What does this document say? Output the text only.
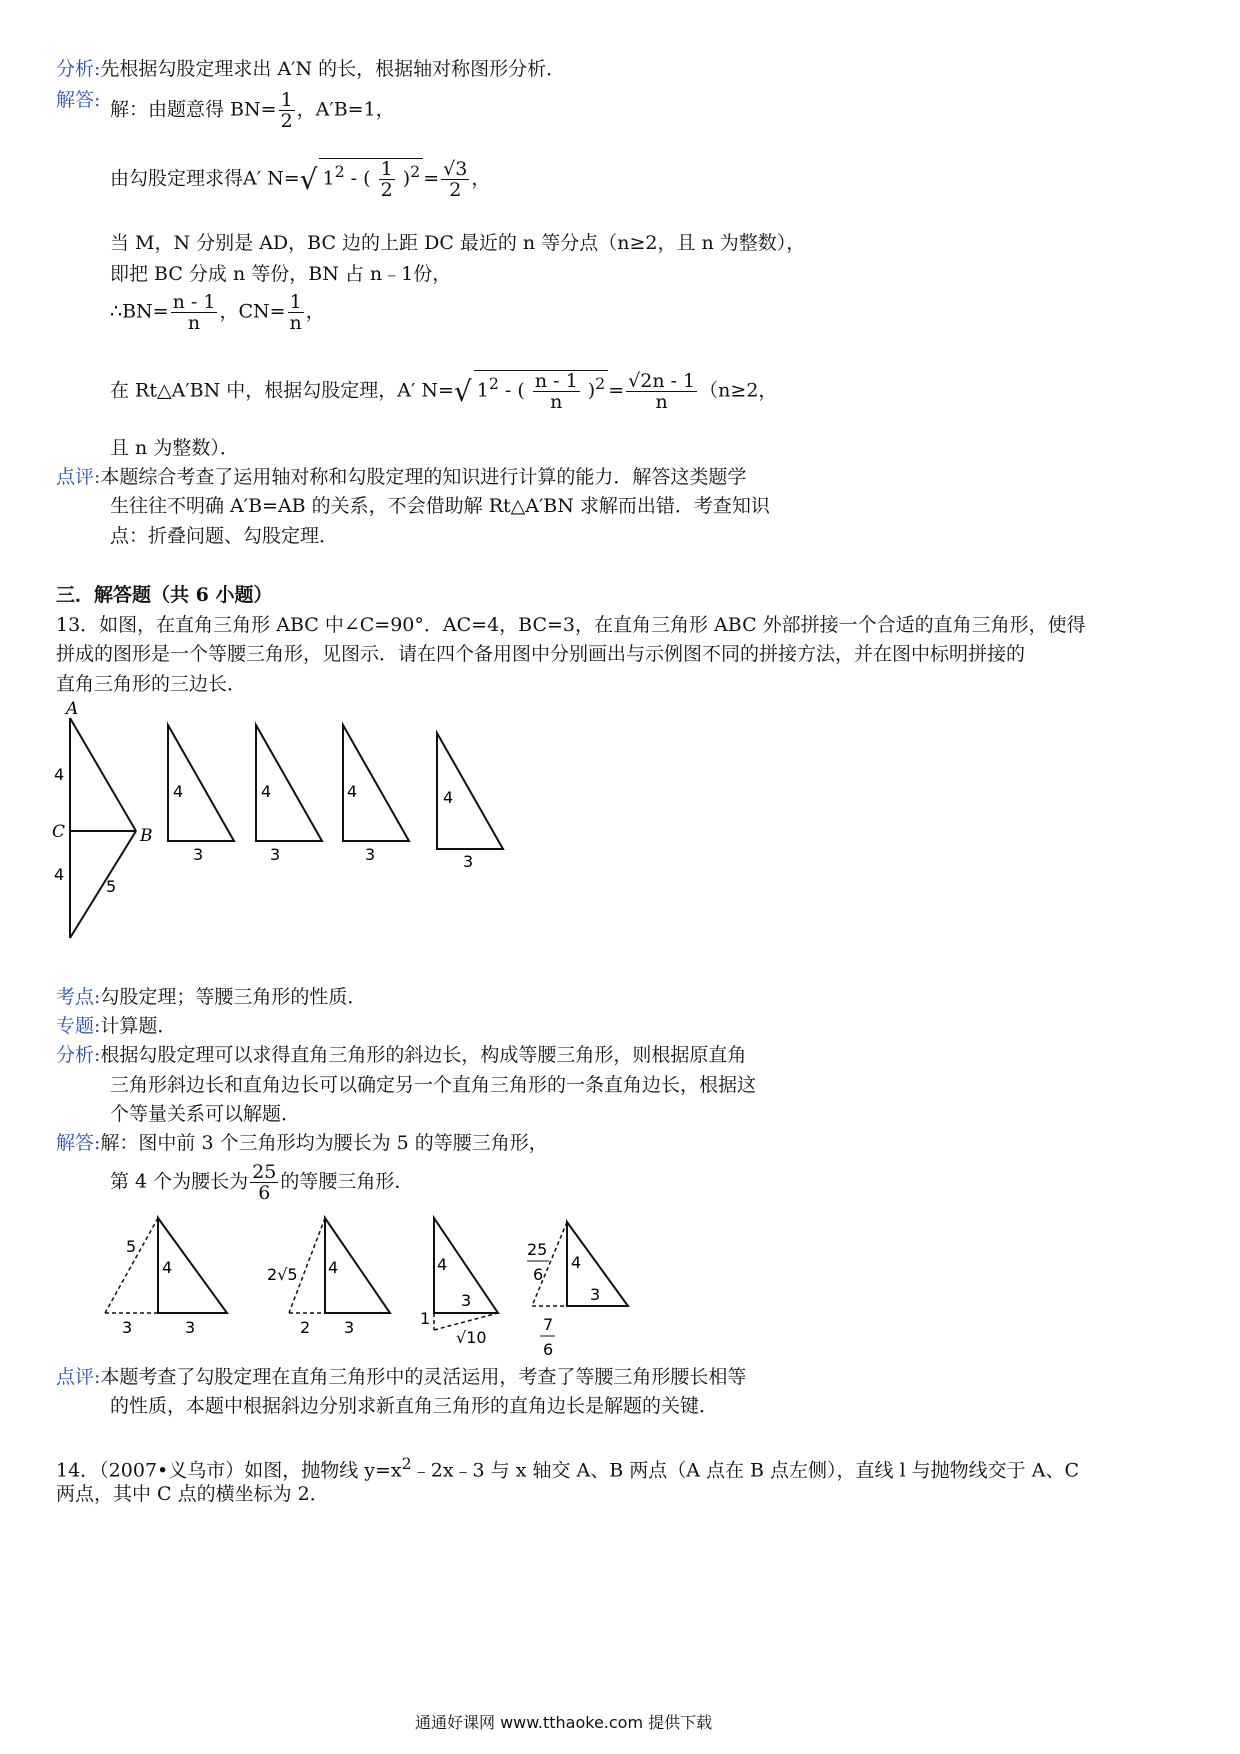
分析:先根据勾股定理求出 A′N 的长，根据轴对称图形分析．
解答: 解：由题意得 $BN= \frac{1}{2}$ ，A′B=1，
由勾股定理求得A′ N=√ $1^2$ - ( $\frac{1}{2} )^2 = \frac{√3}{2}$ ，
当 M，N 分别是 AD，BC 边的上距 DC 最近的 n 等分点（n≥2，且 n 为整数），
即把 BC 分成 n 等份，BN 占 n﹣1份，
∴BN= $\frac{n - 1}{n}$ ，$CN= \frac{1}{n}$ ，
在 Rt△A′BN 中，根据勾股定理，A′ N=√ $1^2$ - ( $\frac{n - 1}{n} )^2 = \frac{√2n - 1}{n} (n\ge 2$，
且 n 为整数）．
点评:本题综合考查了运用轴对称和勾股定理的知识进行计算的能力．解答这类题学
生往往不明确 A′B=AB 的关系，不会借助解 Rt△A′BN 求解而出错．考查知识
点：折叠问题、勾股定理．
三．解答题（共 6 小题）
13．如图，在直角三角形 ABC 中∠C=90°．AC=4，BC=3，在直角三角形 ABC 外部拼接一个合适的直角三角形，使得
拼成的图形是一个等腰三角形，见图示．请在四个备用图中分别画出与示例图不同的拼接方法，并在图中标明拼接的
直角三角形的三边长．
A
C	B
4
4
5
4
3
4
3
4
3
4
3
考点:勾股定理；等腰三角形的性质．
专题:计算题．
分析:根据勾股定理可以求得直角三角形的斜边长，构成等腰三角形，则根据原直角
三角形斜边长和直角边长可以确定另一个直角三角形的一条直角边长，根据这
个等量关系可以解题．
解答:解：图中前 3 个三角形均为腰长为 5 的等腰三角形，
第 4 个为腰长为 $\frac{25}{6}$ 的等腰三角形．
5
4
3	3
2√5 4
2 3
4
3
1
√10
25
6
4
3
7
6
点评:本题考查了勾股定理在直角三角形中的灵活运用，考查了等腰三角形腰长相等
的性质，本题中根据斜边分别求新直角三角形的直角边长是解题的关键．
14．（2007•义乌市）如图，抛物线 $y=x^2﹣2x﹣3$ 与 x 轴交 A、B 两点（A 点在 B 点左侧），直线 l 与抛物线交于 A、C
两点，其中 C 点的横坐标为 2．
通通好课网 www.tthaoke.com 提供下载
